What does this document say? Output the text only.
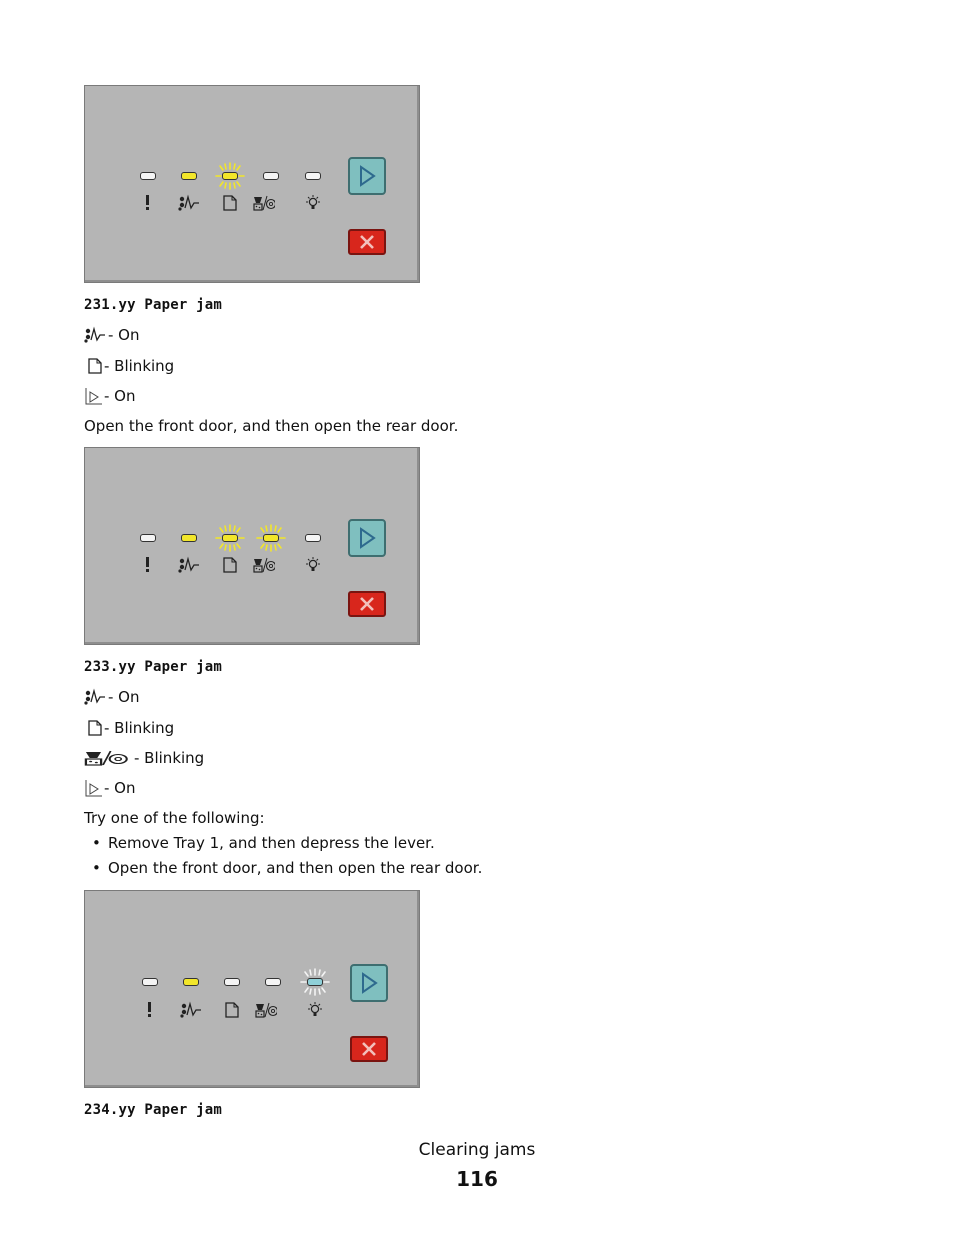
231.yy Paper jam
- On
- Blinking
- On
Open the front door, and then open the rear door.
233.yy Paper jam
- On
- Blinking
- Blinking
- On
Try one of the following:
• Remove Tray 1, and then depress the lever.
• Open the front door, and then open the rear door.
234.yy Paper jam
Clearing jams
116
